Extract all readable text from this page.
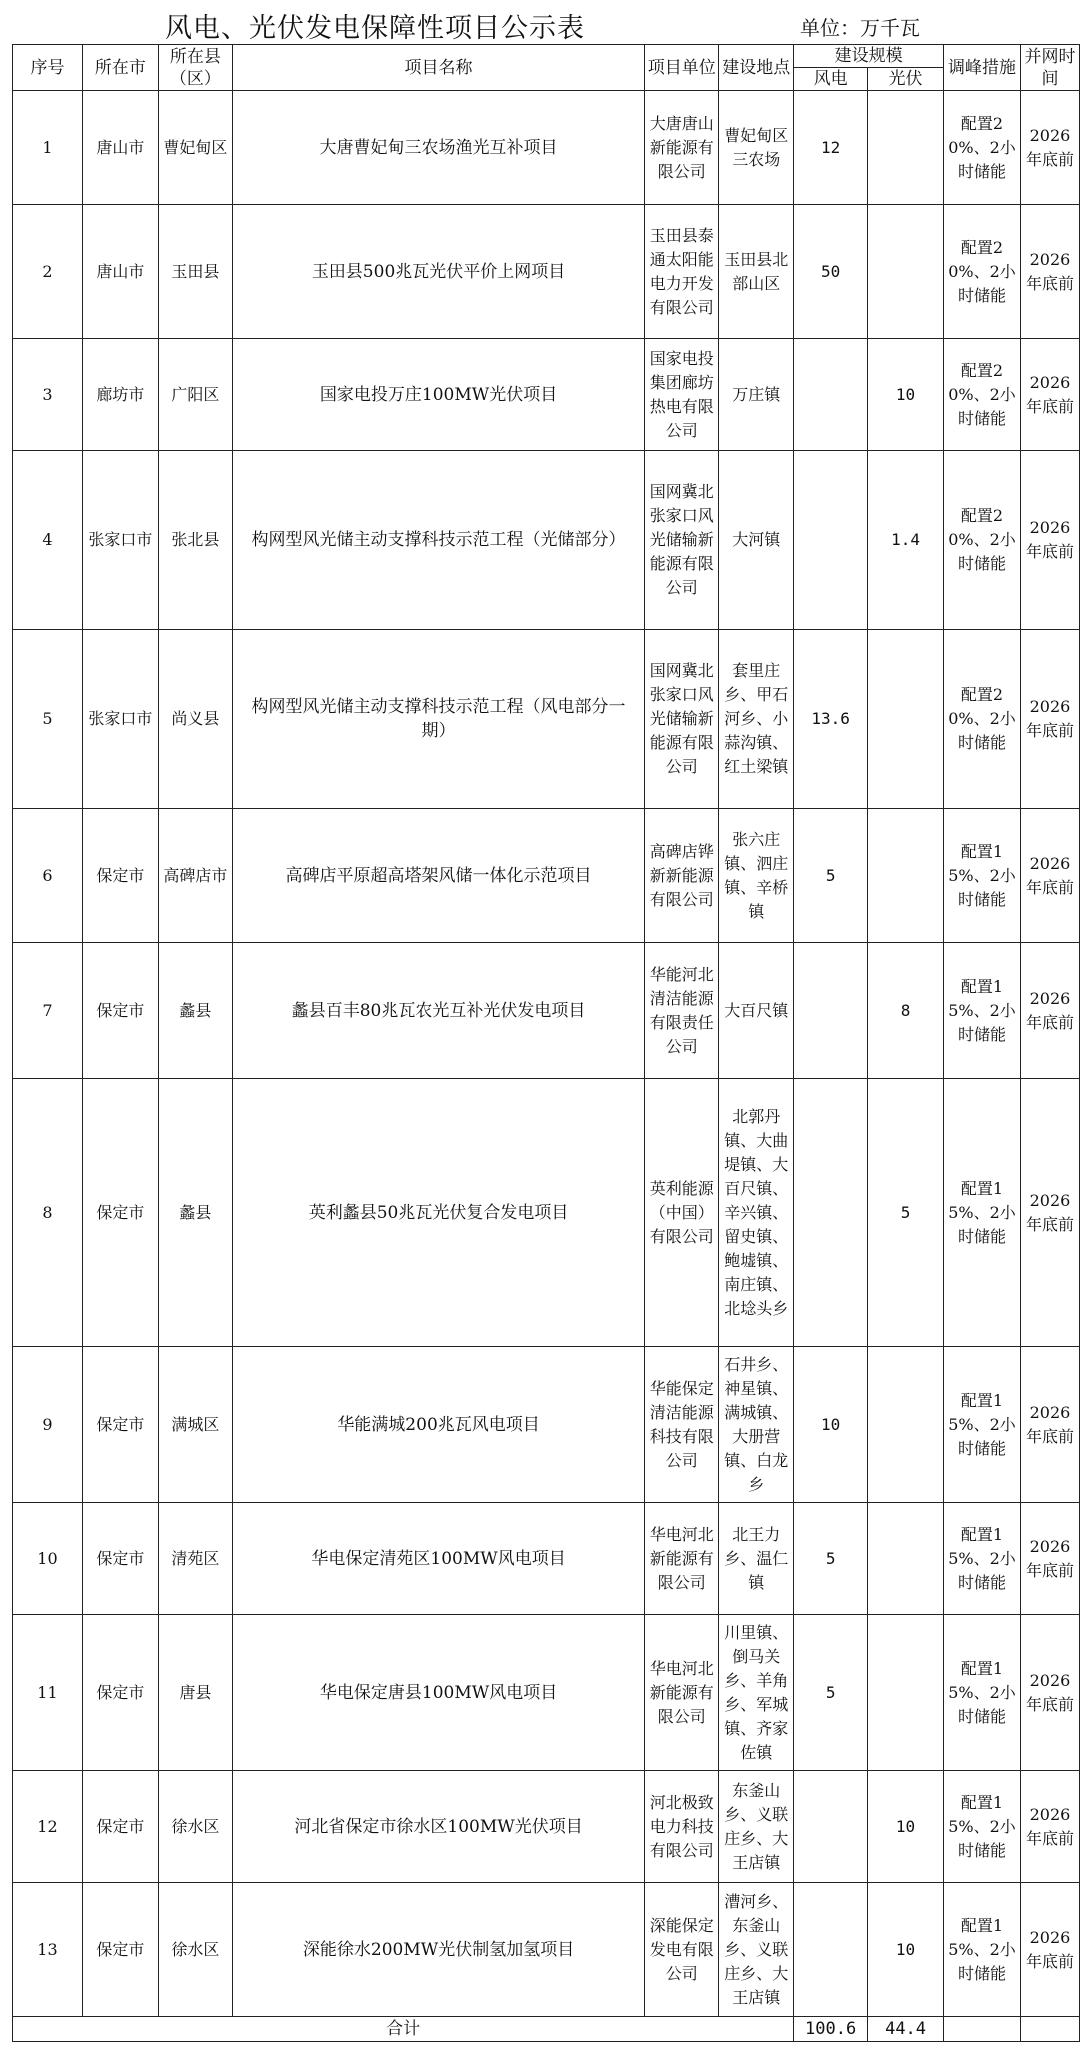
风电、光伏发电保障性项目公示表	单位：万千瓦
序号	所在市	所在县（区）	项目名称	项目单位	建设地点	建设规模		调峰措施	并网时间
						风电	光伏		
1	唐山市	曹妃甸区	大唐曹妃甸三农场渔光互补项目	大唐唐山新能源有限公司	曹妃甸区三农场	12		配置20%、2小时储能	2026年底前
2	唐山市	玉田县	玉田县500兆瓦光伏平价上网项目	玉田县泰通太阳能电力开发有限公司	玉田县北部山区	50		配置20%、2小时储能	2026年底前
3	廊坊市	广阳区	国家电投万庄100MW光伏项目	国家电投集团廊坊热电有限公司	万庄镇		10	配置20%、2小时储能	2026年底前
4	张家口市	张北县	构网型风光储主动支撑科技示范工程（光储部分）	国网冀北张家口风光储输新能源有限公司	大河镇		1.4	配置20%、2小时储能	2026年底前
5	张家口市	尚义县	构网型风光储主动支撑科技示范工程（风电部分一期）	国网冀北张家口风光储输新能源有限公司	套里庄乡、甲石河乡、小蒜沟镇、红土梁镇	13.6		配置20%、2小时储能	2026年底前
6	保定市	高碑店市	高碑店平原超高塔架风储一体化示范项目	高碑店铧新新能源有限公司	张六庄镇、泗庄镇、辛桥镇	5		配置15%、2小时储能	2026年底前
7	保定市	蠡县	蠡县百丰80兆瓦农光互补光伏发电项目	华能河北清洁能源有限责任公司	大百尺镇		8	配置15%、2小时储能	2026年底前
8	保定市	蠡县	英利蠡县50兆瓦光伏复合发电项目	英利能源（中国）有限公司	北郭丹镇、大曲堤镇、大百尺镇、辛兴镇、留史镇、鲍墟镇、南庄镇、北埝头乡		5	配置15%、2小时储能	2026年底前
9	保定市	满城区	华能满城200兆瓦风电项目	华能保定清洁能源科技有限公司	石井乡、神星镇、满城镇、大册营镇、白龙乡	10		配置15%、2小时储能	2026年底前
10	保定市	清苑区	华电保定清苑区100MW风电项目	华电河北新能源有限公司	北王力乡、温仁镇	5		配置15%、2小时储能	2026年底前
11	保定市	唐县	华电保定唐县100MW风电项目	华电河北新能源有限公司	川里镇、倒马关乡、羊角乡、军城镇、齐家佐镇	5		配置15%、2小时储能	2026年底前
12	保定市	徐水区	河北省保定市徐水区100MW光伏项目	河北极致电力科技有限公司	东釜山乡、义联庄乡、大王店镇		10	配置15%、2小时储能	2026年底前
13	保定市	徐水区	深能徐水200MW光伏制氢加氢项目	深能保定发电有限公司	漕河乡、东釜山乡、义联庄乡、大王店镇		10	配置15%、2小时储能	2026年底前
合计						100.6	44.4		
